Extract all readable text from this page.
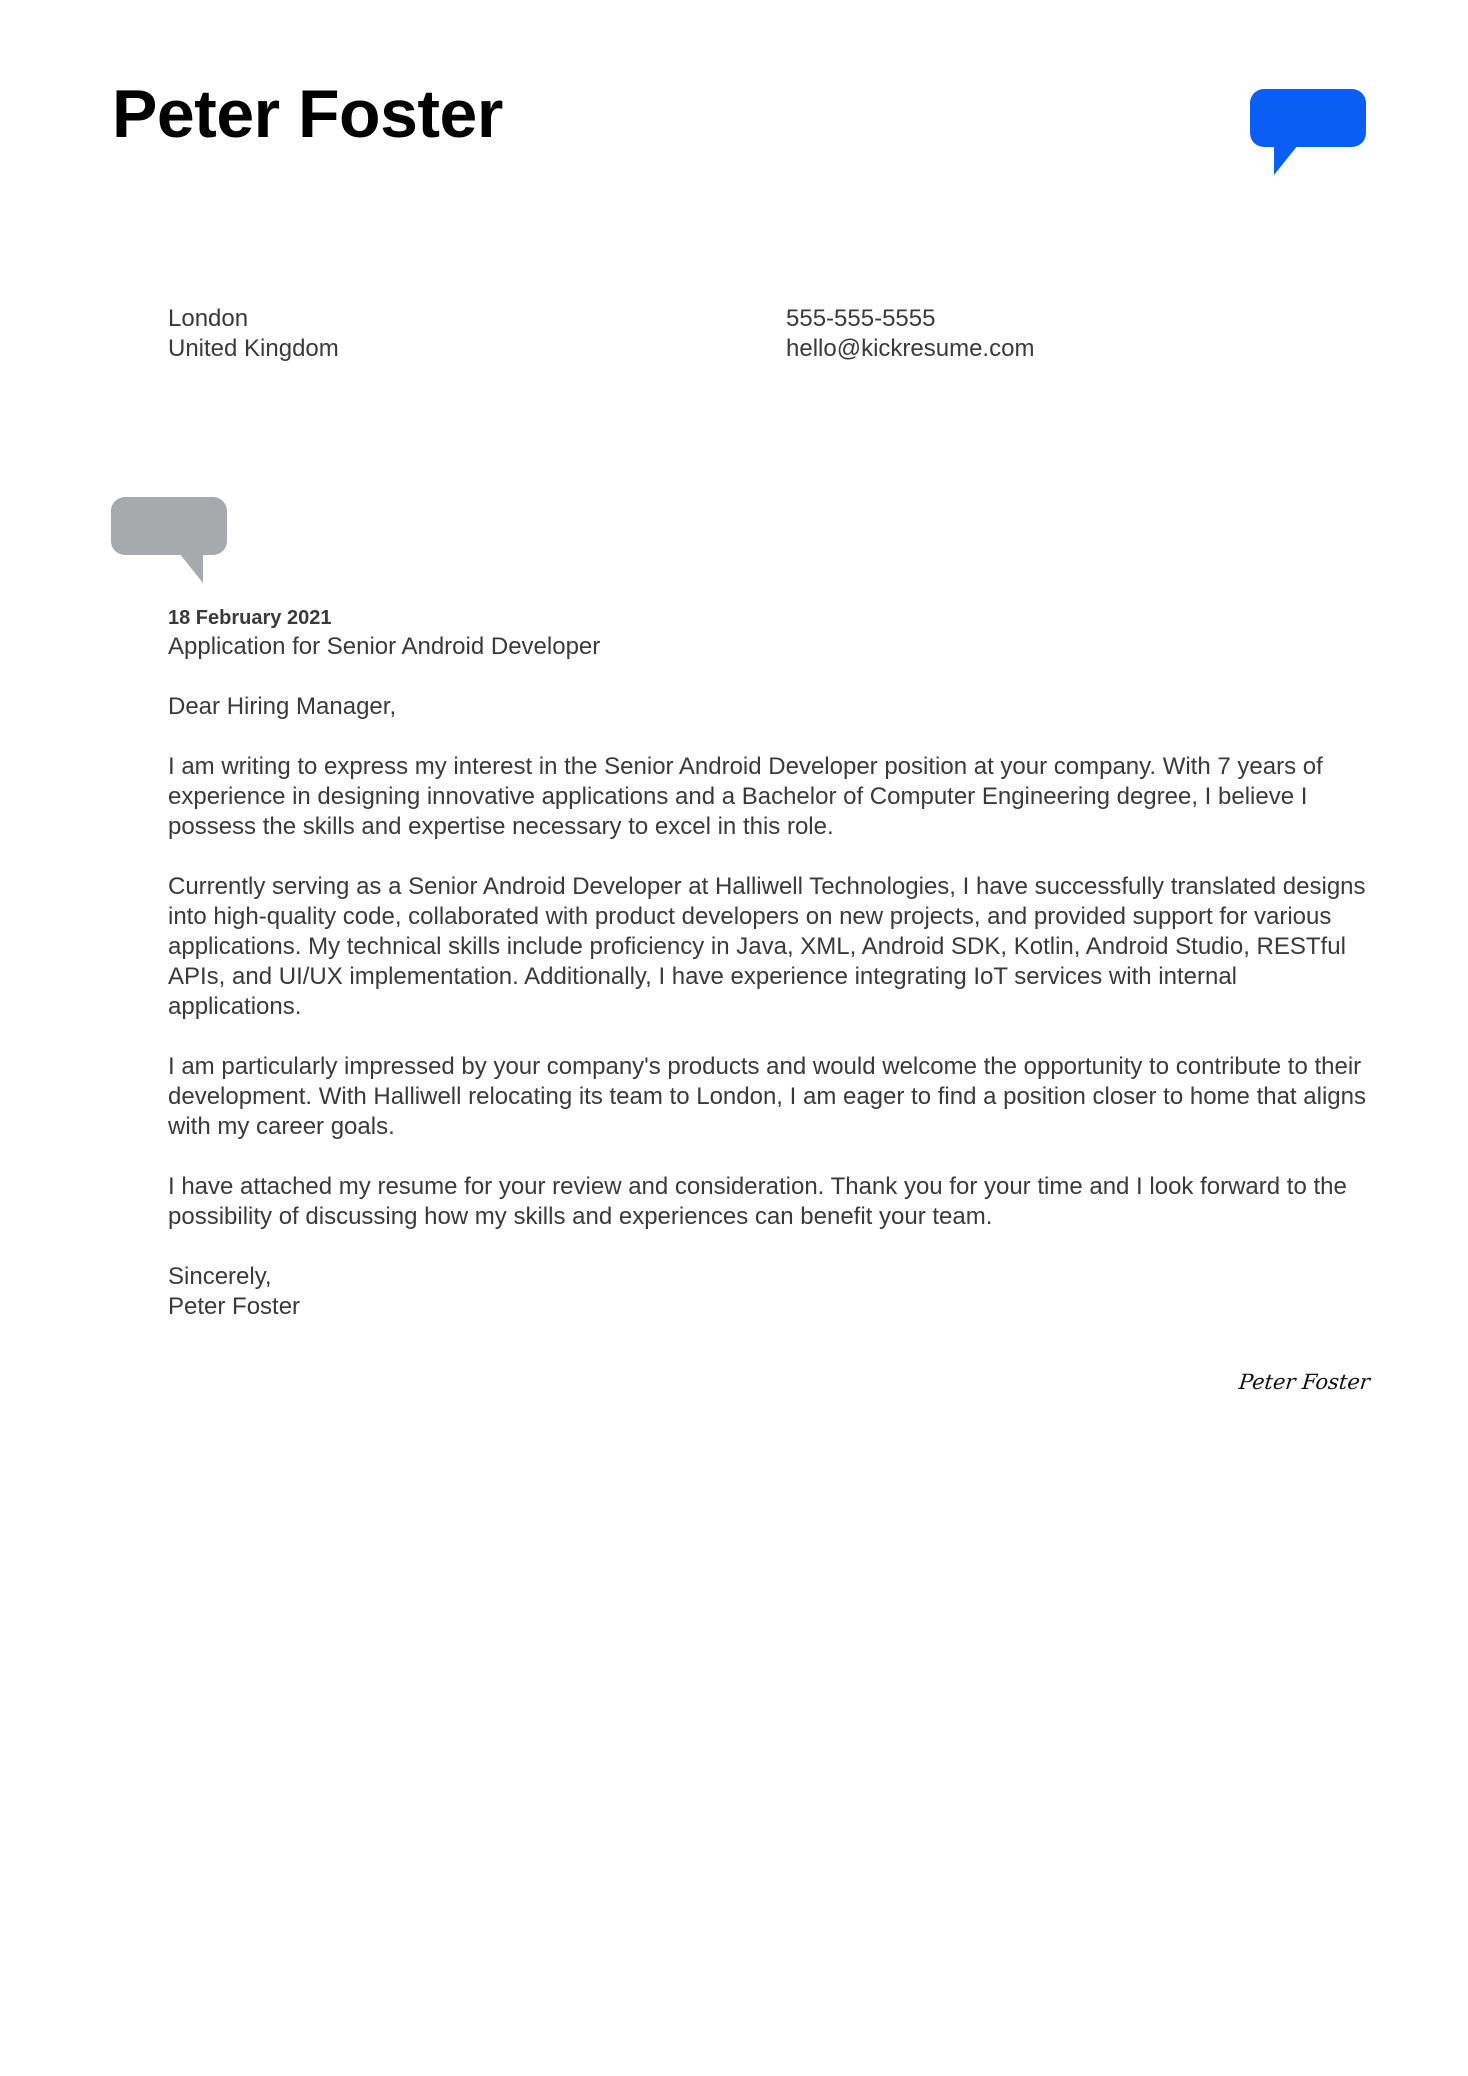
Peter Foster
London
United Kingdom
555-555-5555
hello@kickresume.com

18 February 2021

Application for Senior Android Developer

Dear Hiring Manager,

I am writing to express my interest in the Senior Android Developer position at your company. With 7 years of experience in designing innovative applications and a Bachelor of Computer Engineering degree, I believe I possess the skills and expertise necessary to excel in this role.

Currently serving as a Senior Android Developer at Halliwell Technologies, I have successfully translated designs into high-quality code, collaborated with product developers on new projects, and provided support for various applications. My technical skills include proficiency in Java, XML, Android SDK, Kotlin, Android Studio, RESTful APIs, and UI/UX implementation. Additionally, I have experience integrating IoT services with internal applications.

I am particularly impressed by your company's products and would welcome the opportunity to contribute to their development. With Halliwell relocating its team to London, I am eager to find a position closer to home that aligns with my career goals.

I have attached my resume for your review and consideration. Thank you for your time and I look forward to the possibility of discussing how my skills and experiences can benefit your team.

Sincerely,
Peter Foster
Peter Foster
